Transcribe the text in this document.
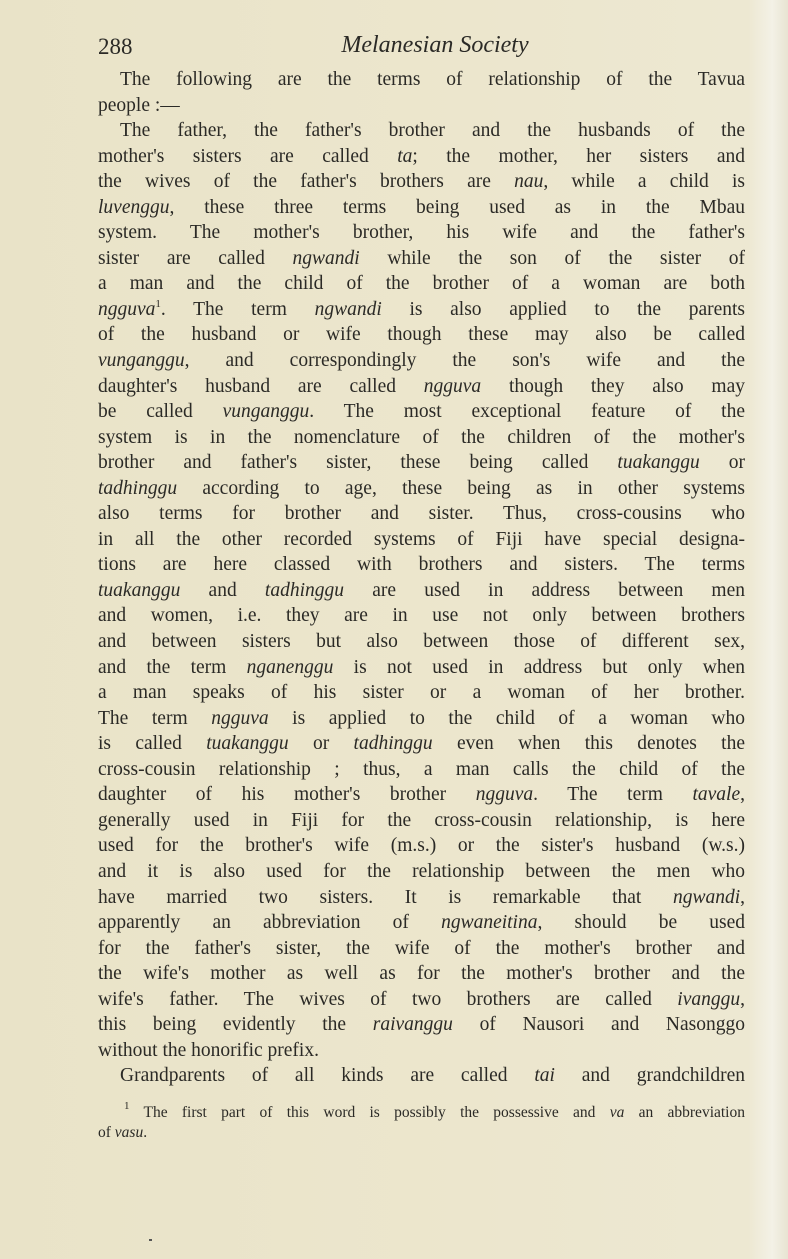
288	Melanesian Society
The following are the terms of relationship of the Tavua
people :—
The father, the father's brother and the husbands of the
mother's sisters are called ta; the mother, her sisters and
the wives of the father's brothers are nau, while a child is
luvenggu, these three terms being used as in the Mbau
system. The mother's brother, his wife and the father's
sister are called ngwandi while the son of the sister of
a man and the child of the brother of a woman are both
ngguva$^1$. The term ngwandi is also applied to the parents
of the husband or wife though these may also be called
vunganggu, and correspondingly the son's wife and the
daughter's husband are called ngguva though they also may
be called vunganggu. The most exceptional feature of the
system is in the nomenclature of the children of the mother's
brother and father's sister, these being called tuakanggu or
tadhinggu according to age, these being as in other systems
also terms for brother and sister. Thus, cross-cousins who
in all the other recorded systems of Fiji have special designa-
tions are here classed with brothers and sisters. The terms
tuakanggu and tadhinggu are used in address between men
and women, i.e. they are in use not only between brothers
and between sisters but also between those of different sex,
and the term nganenggu is not used in address but only when
a man speaks of his sister or a woman of her brother.
The term ngguva is applied to the child of a woman who
is called tuakanggu or tadhinggu even when this denotes the
cross-cousin relationship ; thus, a man calls the child of the
daughter of his mother's brother ngguva. The term tavale,
generally used in Fiji for the cross-cousin relationship, is here
used for the brother's wife (m.s.) or the sister's husband (w.s.)
and it is also used for the relationship between the men who
have married two sisters. It is remarkable that ngwandi,
apparently an abbreviation of ngwaneitina, should be used
for the father's sister, the wife of the mother's brother and
the wife's mother as well as for the mother's brother and the
wife's father. The wives of two brothers are called ivanggu,
this being evidently the raivanggu of Nausori and Nasonggo
without the honorific prefix.
Grandparents of all kinds are called tai and grandchildren
$^1$ The first part of this word is possibly the possessive and va an abbreviation
of vasu.
